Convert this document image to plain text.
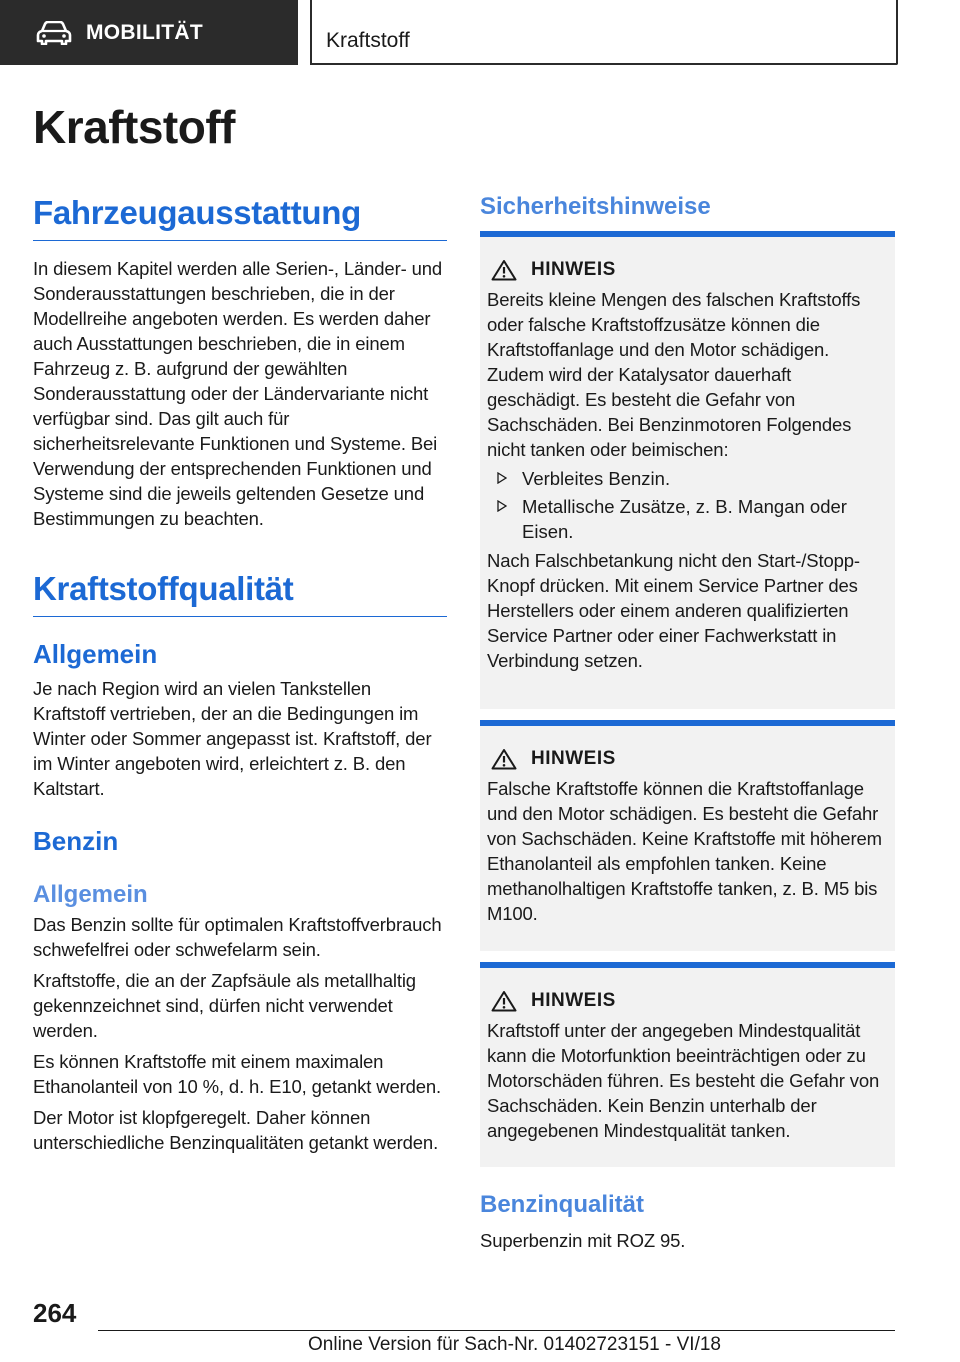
MOBILITÄT	Kraftstoff
Kraftstoff
Fahrzeugausstattung

In diesem Kapitel werden alle Serien-, Länder- und Sonderausstattungen beschrieben, die in der Modellreihe angeboten werden. Es werden daher auch Ausstattungen beschrieben, die in einem Fahrzeug z. B. aufgrund der gewählten Sonderausstattung oder der Ländervariante nicht verfügbar sind. Das gilt auch für sicherheitsrelevante Funktionen und Systeme. Bei Verwendung der entsprechenden Funktionen und Systeme sind die jeweils geltenden Gesetze und Bestimmungen zu beachten.

Kraftstoffqualität
Allgemein

Je nach Region wird an vielen Tankstellen Kraftstoff vertrieben, der an die Bedingungen im Winter oder Sommer angepasst ist. Kraftstoff, der im Winter angeboten wird, erleichtert z. B. den Kaltstart.

Benzin
Allgemein

Das Benzin sollte für optimalen Kraftstoffverbrauch schwefelfrei oder schwefelarm sein.

Kraftstoffe, die an der Zapfsäule als metallhaltig gekennzeichnet sind, dürfen nicht verwendet werden.

Es können Kraftstoffe mit einem maximalen Ethanolanteil von 10 %, d. h. E10, getankt werden.

Der Motor ist klopfgeregelt. Daher können unterschiedliche Benzinqualitäten getankt werden.

Sicherheitshinweise
HINWEIS

Bereits kleine Mengen des falschen Kraftstoffs oder falsche Kraftstoffzusätze können die Kraftstoffanlage und den Motor schädigen. Zudem wird der Katalysator dauerhaft geschädigt. Es besteht die Gefahr von Sachschäden. Bei Benzinmotoren Folgendes nicht tanken oder beimischen:

Verbleites Benzin.
Metallische Zusätze, z. B. Mangan oder Eisen.

Nach Falschbetankung nicht den Start-/Stopp-Knopf drücken. Mit einem Service Partner des Herstellers oder einem anderen qualifizierten Service Partner oder einer Fachwerkstatt in Verbindung setzen.

HINWEIS

Falsche Kraftstoffe können die Kraftstoffanlage und den Motor schädigen. Es besteht die Gefahr von Sachschäden. Keine Kraftstoffe mit höherem Ethanolanteil als empfohlen tanken. Keine methanolhaltigen Kraftstoffe tanken, z. B. M5 bis M100.

HINWEIS

Kraftstoff unter der angegeben Mindestqualität kann die Motorfunktion beeinträchtigen oder zu Motorschäden führen. Es besteht die Gefahr von Sachschäden. Kein Benzin unterhalb der angegebenen Mindestqualität tanken.

Benzinqualität

Superbenzin mit ROZ 95.

264
Online Version für Sach-Nr. 01402723151 - VI/18
